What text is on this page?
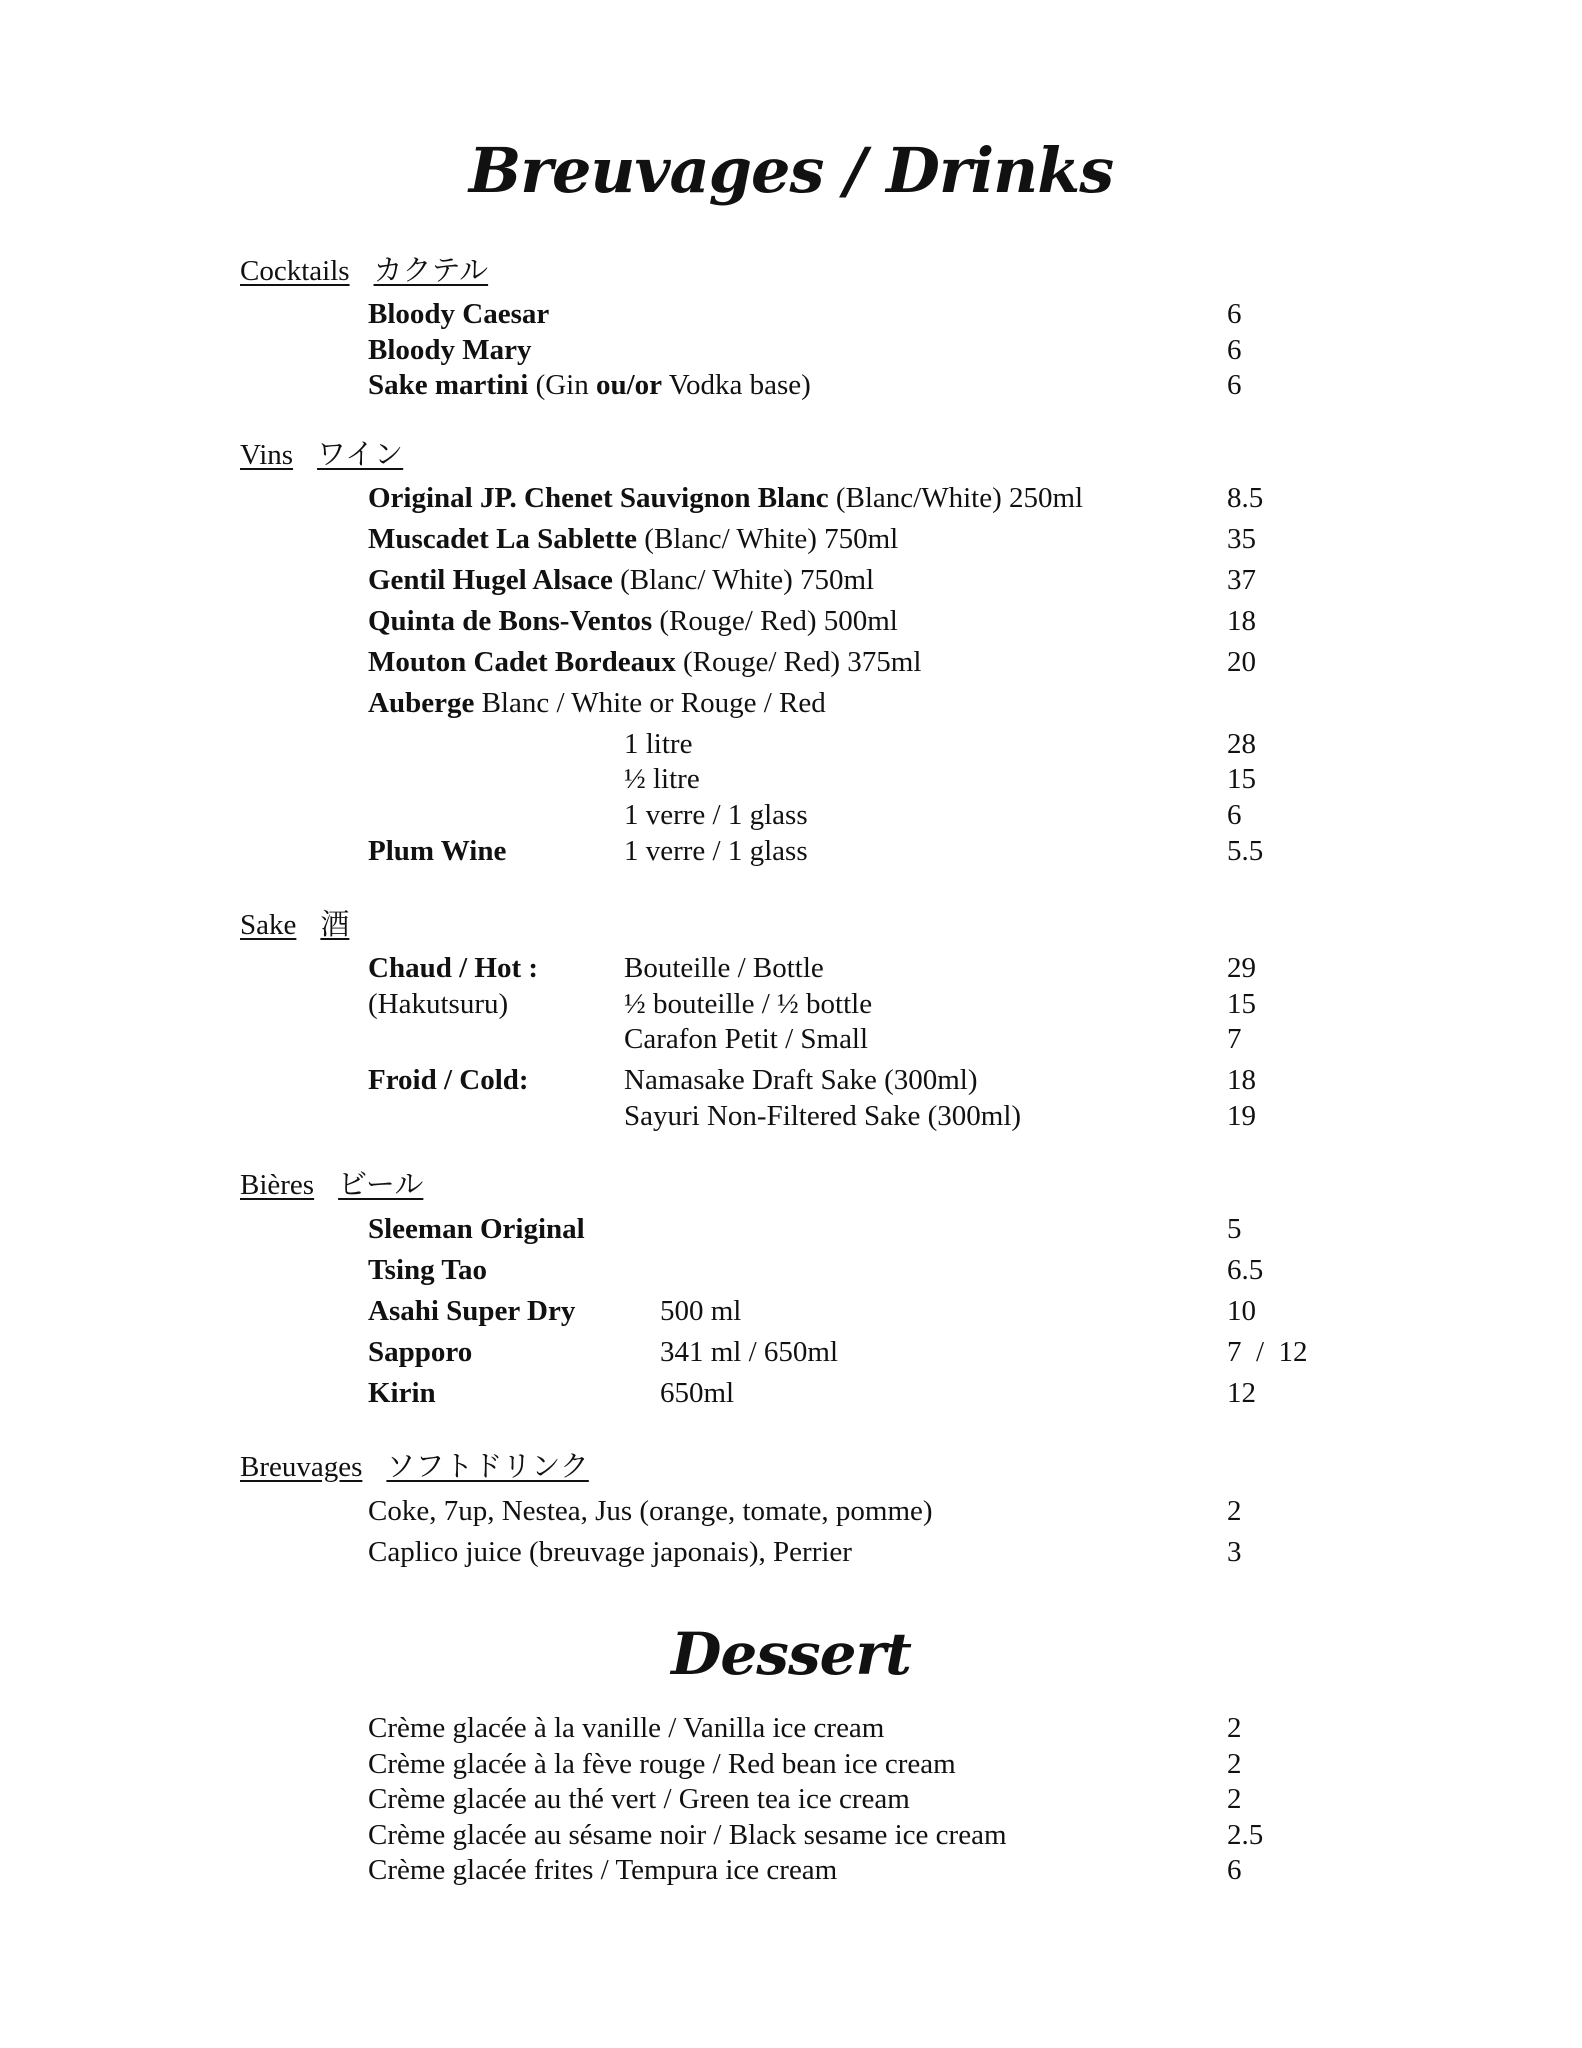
Breuvages / Drinks
Cocktails カクテル
Bloody Caesar	6
Bloody Mary	6
Sake martini (Gin ou/or Vodka base)	6
Vins ワイン
Original JP. Chenet Sauvignon Blanc (Blanc/White) 250ml	8.5
Muscadet La Sablette (Blanc/ White) 750ml	35
Gentil Hugel Alsace (Blanc/ White) 750ml	37
Quinta de Bons-Ventos (Rouge/ Red) 500ml	18
Mouton Cadet Bordeaux (Rouge/ Red) 375ml	20
Auberge Blanc / White or Rouge / Red
1 litre	28
½ litre	15
1 verre / 1 glass	6
Plum Wine	1 verre / 1 glass	5.5
Sake 酒
Chaud / Hot :	Bouteille / Bottle	29
(Hakutsuru)	½ bouteille / ½ bottle	15
Carafon Petit / Small	7
Froid / Cold:	Namasake Draft Sake (300ml)	18
Sayuri Non-Filtered Sake (300ml)	19
Bières ビール
Sleeman Original	5
Tsing Tao	6.5
Asahi Super Dry	500 ml	10
Sapporo	341 ml / 650ml	7  /  12
Kirin	650ml	12
Breuvages ソフトドリンク
Coke, 7up, Nestea, Jus (orange, tomate, pomme)	2
Caplico juice (breuvage japonais), Perrier	3
Dessert
Crème glacée à la vanille / Vanilla ice cream	2
Crème glacée à la fève rouge / Red bean ice cream	2
Crème glacée au thé vert / Green tea ice cream	2
Crème glacée au sésame noir / Black sesame ice cream	2.5
Crème glacée frites / Tempura ice cream	6
